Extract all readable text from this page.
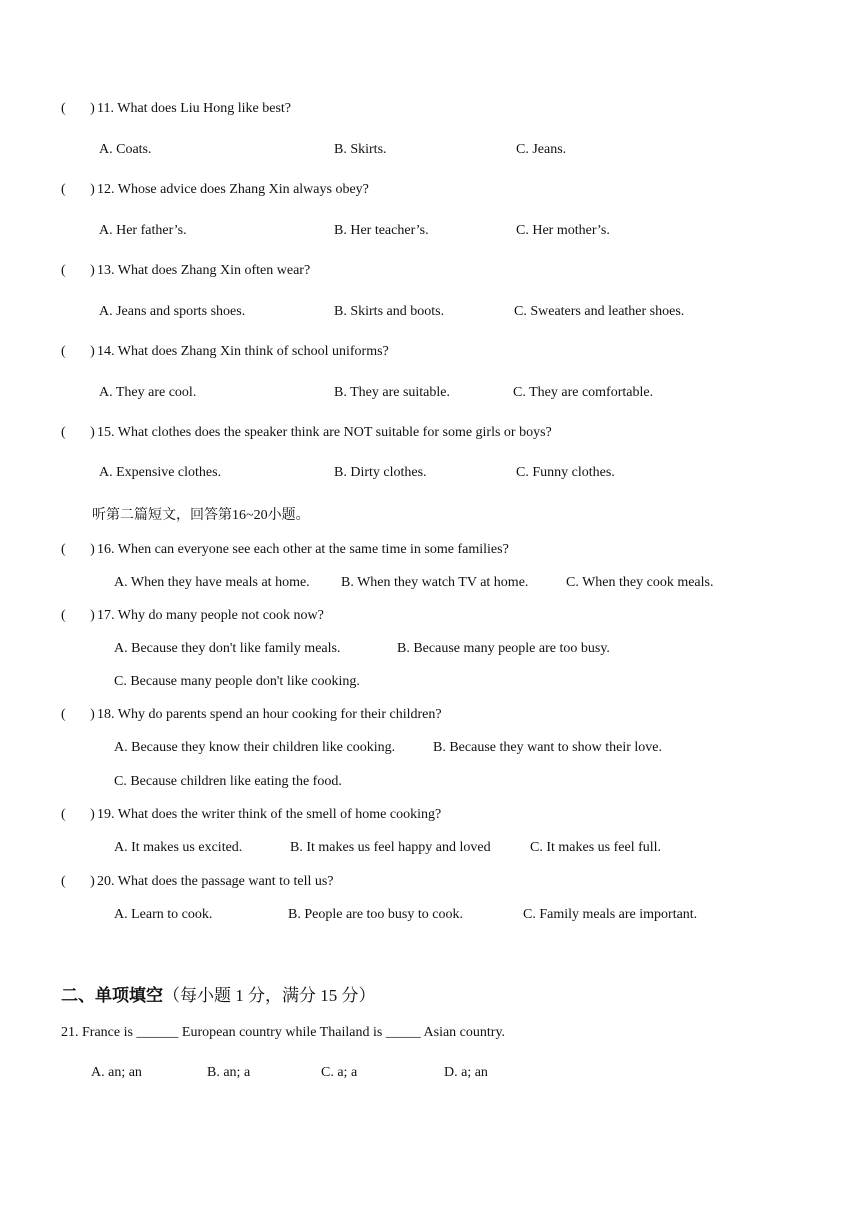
(       ) 11. What does Liu Hong like best?
A. Coats.	B. Skirts.	C. Jeans.
(       ) 12. Whose advice does Zhang Xin always obey?
A. Her father’s.	B. Her teacher’s.	C. Her mother’s.
(       ) 13. What does Zhang Xin often wear?
A. Jeans and sports shoes.	B. Skirts and boots.	C. Sweaters and leather shoes.
(       ) 14. What does Zhang Xin think of school uniforms?
A. They are cool.	B. They are suitable.	C. They are comfortable.
(       ) 15. What clothes does the speaker think are NOT suitable for some girls or boys?
A. Expensive clothes.	B. Dirty clothes.	C. Funny clothes.
听第二篇短文，回答第16~20小题。
(       ) 16. When can everyone see each other at the same time in some families?
A. When they have meals at home. B. When they watch TV at home.	C. When they cook meals.
(       ) 17. Why do many people not cook now?
A. Because they don't like family meals.	B. Because many people are too busy.
C. Because many people don't like cooking.
(       ) 18. Why do parents spend an hour cooking for their children?
A. Because they know their children like cooking.	B. Because they want to show their love.
C. Because children like eating the food.
(       ) 19. What does the writer think of the smell of home cooking?
A. It makes us excited.	B. It makes us feel happy and loved	C. It makes us feel full.
(       ) 20. What does the passage want to tell us?
A. Learn to cook.	B. People are too busy to cook.	C. Family meals are important.
二、单项填空（每小题 1 分，满分 15 分）
21. France is ______ European country while Thailand is _____ Asian country.
A. an; an	B. an; a	C. a; a	D. a; an
